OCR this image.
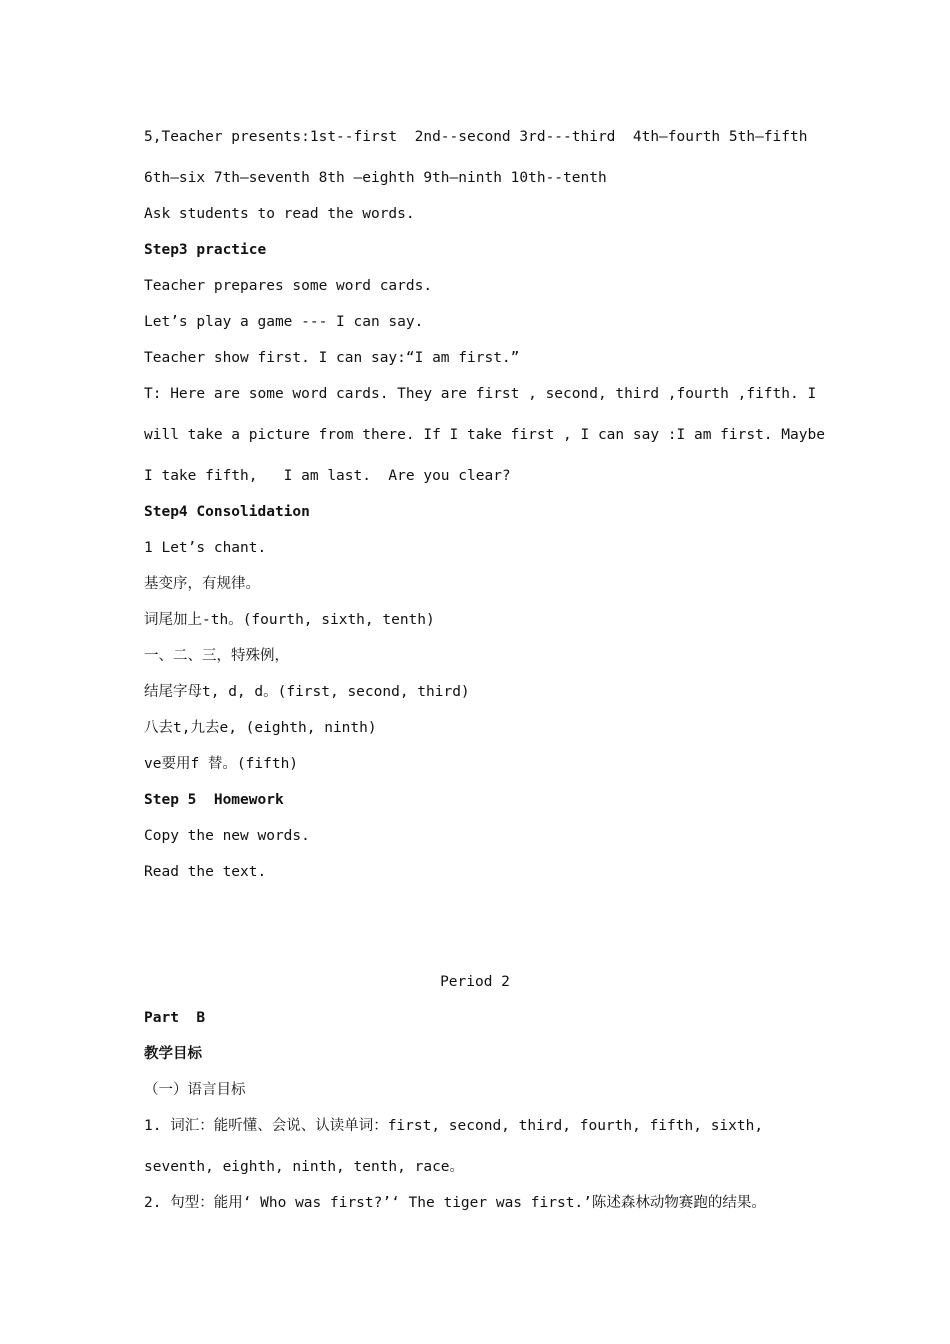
5,Teacher presents:1st--first  2nd--second 3rd---third  4th—fourth 5th—fifth
6th—six 7th—seventh 8th –eighth 9th—ninth 10th--tenth
Ask students to read the words.
Step3 practice
Teacher prepares some word cards.
Let’s play a game --- I can say.
Teacher show first. I can say:“I am first.”
T: Here are some word cards. They are first , second, third ,fourth ,fifth. I
will take a picture from there. If I take first , I can say :I am first. Maybe
I take fifth,   I am last.  Are you clear?
Step4 Consolidation
1 Let’s chant.
基变序，有规律。
词尾加上-th。(fourth, sixth, tenth)
一、二、三，特殊例，
结尾字母t, d, d。(first, second, third)
八去t,九去e, (eighth, ninth)
ve要用f 替。(fifth)
Step 5  Homework
Copy the new words.
Read the text.
Period 2
Part  B
教学目标
（一）语言目标
1. 词汇：能听懂、会说、认读单词：first, second, third, fourth, fifth, sixth,
seventh, eighth, ninth, tenth, race。
2. 句型：能用‘ Who was first?’‘ The tiger was first.’陈述森林动物赛跑的结果。
